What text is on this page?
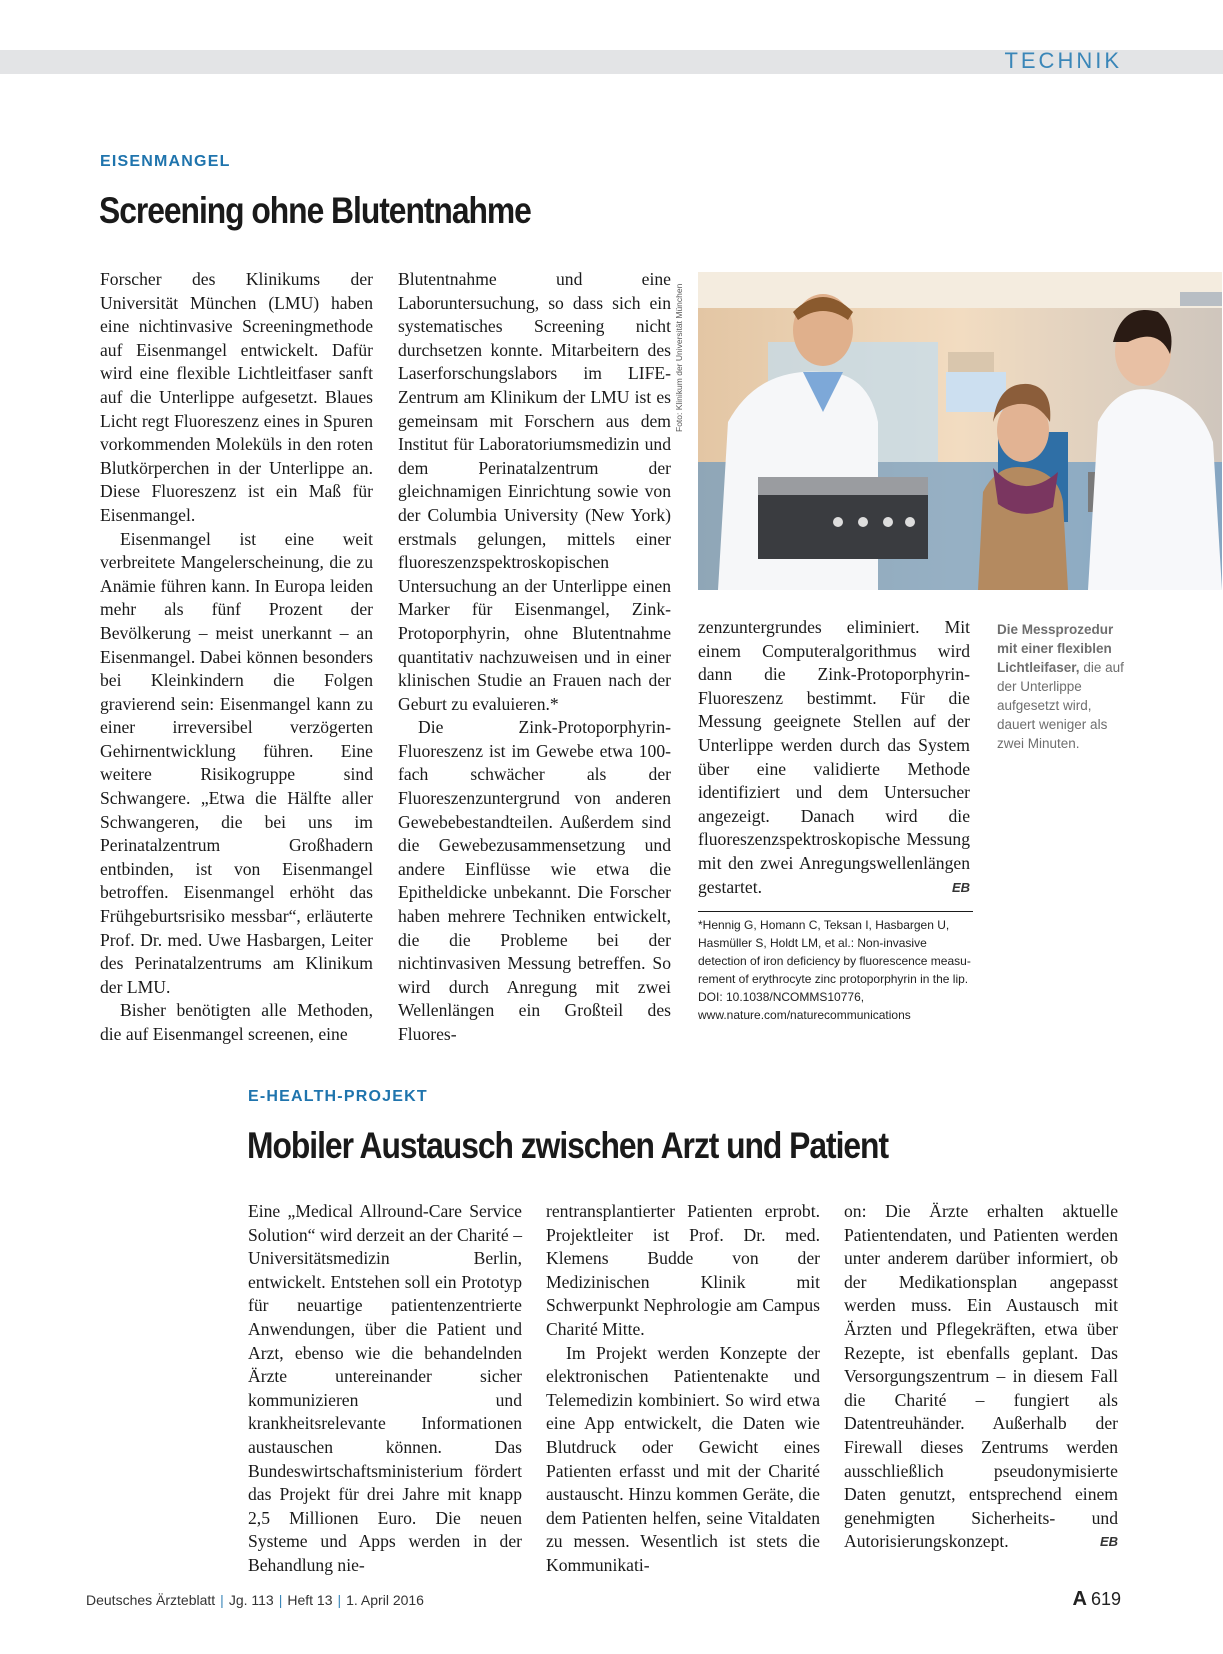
TECHNIK
EISENMANGEL
Screening ohne Blutentnahme

Forscher des Klinikums der Universität München (LMU) haben eine nichtinvasive Screeningmethode auf Eisenmangel entwickelt. Dafür wird eine flexible Lichtleitfaser sanft auf die Unterlippe aufgesetzt. Blaues Licht regt Fluoreszenz eines in Spuren vorkommenden Moleküls in den roten Blutkörperchen in der Unterlippe an. Diese Fluoreszenz ist ein Maß für Eisenmangel.

Eisenmangel ist eine weit verbreitete Mangelerscheinung, die zu Anämie führen kann. In Europa leiden mehr als fünf Prozent der Bevölkerung – meist unerkannt – an Eisenmangel. Dabei können besonders bei Kleinkindern die Folgen gravierend sein: Eisenmangel kann zu einer irreversibel verzögerten Gehirnentwicklung führen. Eine weitere Risikogruppe sind Schwangere. „Etwa die Hälfte aller Schwangeren, die bei uns im Perinatalzentrum Großhadern entbinden, ist von Eisenmangel betroffen. Eisenmangel erhöht das Frühgeburtsrisiko messbar“, erläuterte Prof. Dr. med. Uwe Hasbargen, Leiter des Perinatalzentrums am Klinikum der LMU.

Bisher benötigten alle Methoden, die auf Eisenmangel screenen, eine

Blutentnahme und eine Laboruntersuchung, so dass sich ein systematisches Screening nicht durchsetzen konnte. Mitarbeitern des Laserforschungslabors im LIFE-Zentrum am Klinikum der LMU ist es gemeinsam mit Forschern aus dem Institut für Laboratoriumsmedizin und dem Perinatalzentrum der gleichnamigen Einrichtung sowie von der Columbia University (New York) erstmals gelungen, mittels einer fluoreszenzspektroskopischen Untersuchung an der Unterlippe einen Marker für Eisenmangel, Zink-Protoporphyrin, ohne Blutentnahme quantitativ nachzuweisen und in einer klinischen Studie an Frauen nach der Geburt zu evaluieren.*

Die Zink-Protoporphyrin-Fluoreszenz ist im Gewebe etwa 100-fach schwächer als der Fluoreszenzuntergrund von anderen Gewebebestandteilen. Außerdem sind die Gewebezusammensetzung und andere Einflüsse wie etwa die Epitheldicke unbekannt. Die Forscher haben mehrere Techniken entwickelt, die die Probleme bei der nichtinvasiven Messung betreffen. So wird durch Anregung mit zwei Wellenlängen ein Großteil des Fluores-

Foto: Klinikum der Universität München

zenzuntergrundes eliminiert. Mit einem Computeralgorithmus wird dann die Zink-Protoporphyrin-Fluoreszenz bestimmt. Für die Messung geeignete Stellen auf der Unterlippe werden durch das System über eine validierte Methode identifiziert und dem Untersucher angezeigt. Danach wird die fluoreszenzspektroskopische Messung mit den zwei Anregungswellenlängen gestartet.	EB

Die Messprozedur mit einer flexiblen Lichtleifaser, die auf der Unterlippe aufgesetzt wird, dauert weniger als zwei Minuten.
*Hennig G, Homann C, Teksan I, Hasbargen U, Hasmüller S, Holdt LM, et al.: Non-invasive detection of iron deficiency by fluorescence measu-rement of erythrocyte zinc protoporphyrin in the lip. DOI: 10.1038/NCOMMS10776, www.nature.com/naturecommunications
E-HEALTH-PROJEKT
Mobiler Austausch zwischen Arzt und Patient

Eine „Medical Allround-Care Service Solution“ wird derzeit an der Charité – Universitätsmedizin Berlin, entwickelt. Entstehen soll ein Prototyp für neuartige patientenzentrierte Anwendungen, über die Patient und Arzt, ebenso wie die behandelnden Ärzte untereinander sicher kommunizieren und krankheitsrelevante Informationen austauschen können. Das Bundeswirtschaftsministerium fördert das Projekt für drei Jahre mit knapp 2,5 Millionen Euro. Die neuen Systeme und Apps werden in der Behandlung nie-

rentransplantierter Patienten erprobt. Projektleiter ist Prof. Dr. med. Klemens Budde von der Medizinischen Klinik mit Schwerpunkt Nephrologie am Campus Charité Mitte.

Im Projekt werden Konzepte der elektronischen Patientenakte und Telemedizin kombiniert. So wird etwa eine App entwickelt, die Daten wie Blutdruck oder Gewicht eines Patienten erfasst und mit der Charité austauscht. Hinzu kommen Geräte, die dem Patienten helfen, seine Vitaldaten zu messen. Wesentlich ist stets die Kommunikati-

on: Die Ärzte erhalten aktuelle Patientendaten, und Patienten werden unter anderem darüber informiert, ob der Medikationsplan angepasst werden muss. Ein Austausch mit Ärzten und Pflegekräften, etwa über Rezepte, ist ebenfalls geplant. Das Versorgungszentrum – in diesem Fall die Charité – fungiert als Datentreuhänder. Außerhalb der Firewall dieses Zentrums werden ausschließlich pseudonymisierte Daten genutzt, entsprechend einem genehmigten Sicherheits- und Autorisierungskonzept.	EB

Deutsches Ärzteblatt | Jg. 113 | Heft 13 | 1. April 2016	A 619
